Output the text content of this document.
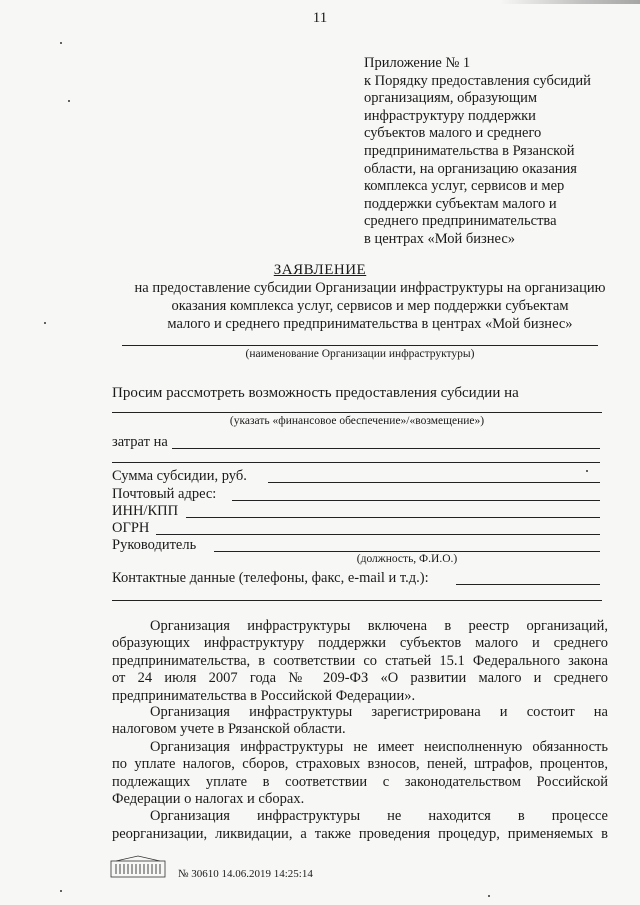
11
Приложение № 1
к Порядку предоставления субсидий
организациям, образующим
инфраструктуру поддержки
субъектов малого и среднего
предпринимательства в Рязанской
области, на организацию оказания
комплекса услуг, сервисов и мер
поддержки субъектам малого и
среднего предпринимательства
в центрах «Мой бизнес»
ЗАЯВЛЕНИЕ
на предоставление субсидии Организации инфраструктуры на организацию
оказания комплекса услуг, сервисов и мер поддержки субъектам
малого и среднего предпринимательства в центрах «Мой бизнес»
(наименование Организации инфраструктуры)
Просим рассмотреть возможность предоставления субсидии на
(указать «финансовое обеспечение»/«возмещение»)
затрат на
Сумма субсидии, руб.
Почтовый адрес:
ИНН/КПП
ОГРН
Руководитель
(должность, Ф.И.О.)
Контактные данные (телефоны, факс, e-mail и т.д.):
Организация инфраструктуры включена в реестр организаций,
образующих инфраструктуру поддержки субъектов малого и среднего
предпринимательства, в соответствии со статьей 15.1 Федерального закона
от 24 июля 2007 года № 209-ФЗ «О развитии малого и среднего
предпринимательства в Российской Федерации».
Организация инфраструктуры зарегистрирована и состоит на
налоговом учете в Рязанской области.
Организация инфраструктуры не имеет неисполненную обязанность
по уплате налогов, сборов, страховых взносов, пеней, штрафов, процентов,
подлежащих уплате в соответствии с законодательством Российской
Федерации о налогах и сборах.
Организация инфраструктуры не находится в процессе
реорганизации, ликвидации, а также проведения процедур, применяемых в
№ 30610 14.06.2019 14:25:14
